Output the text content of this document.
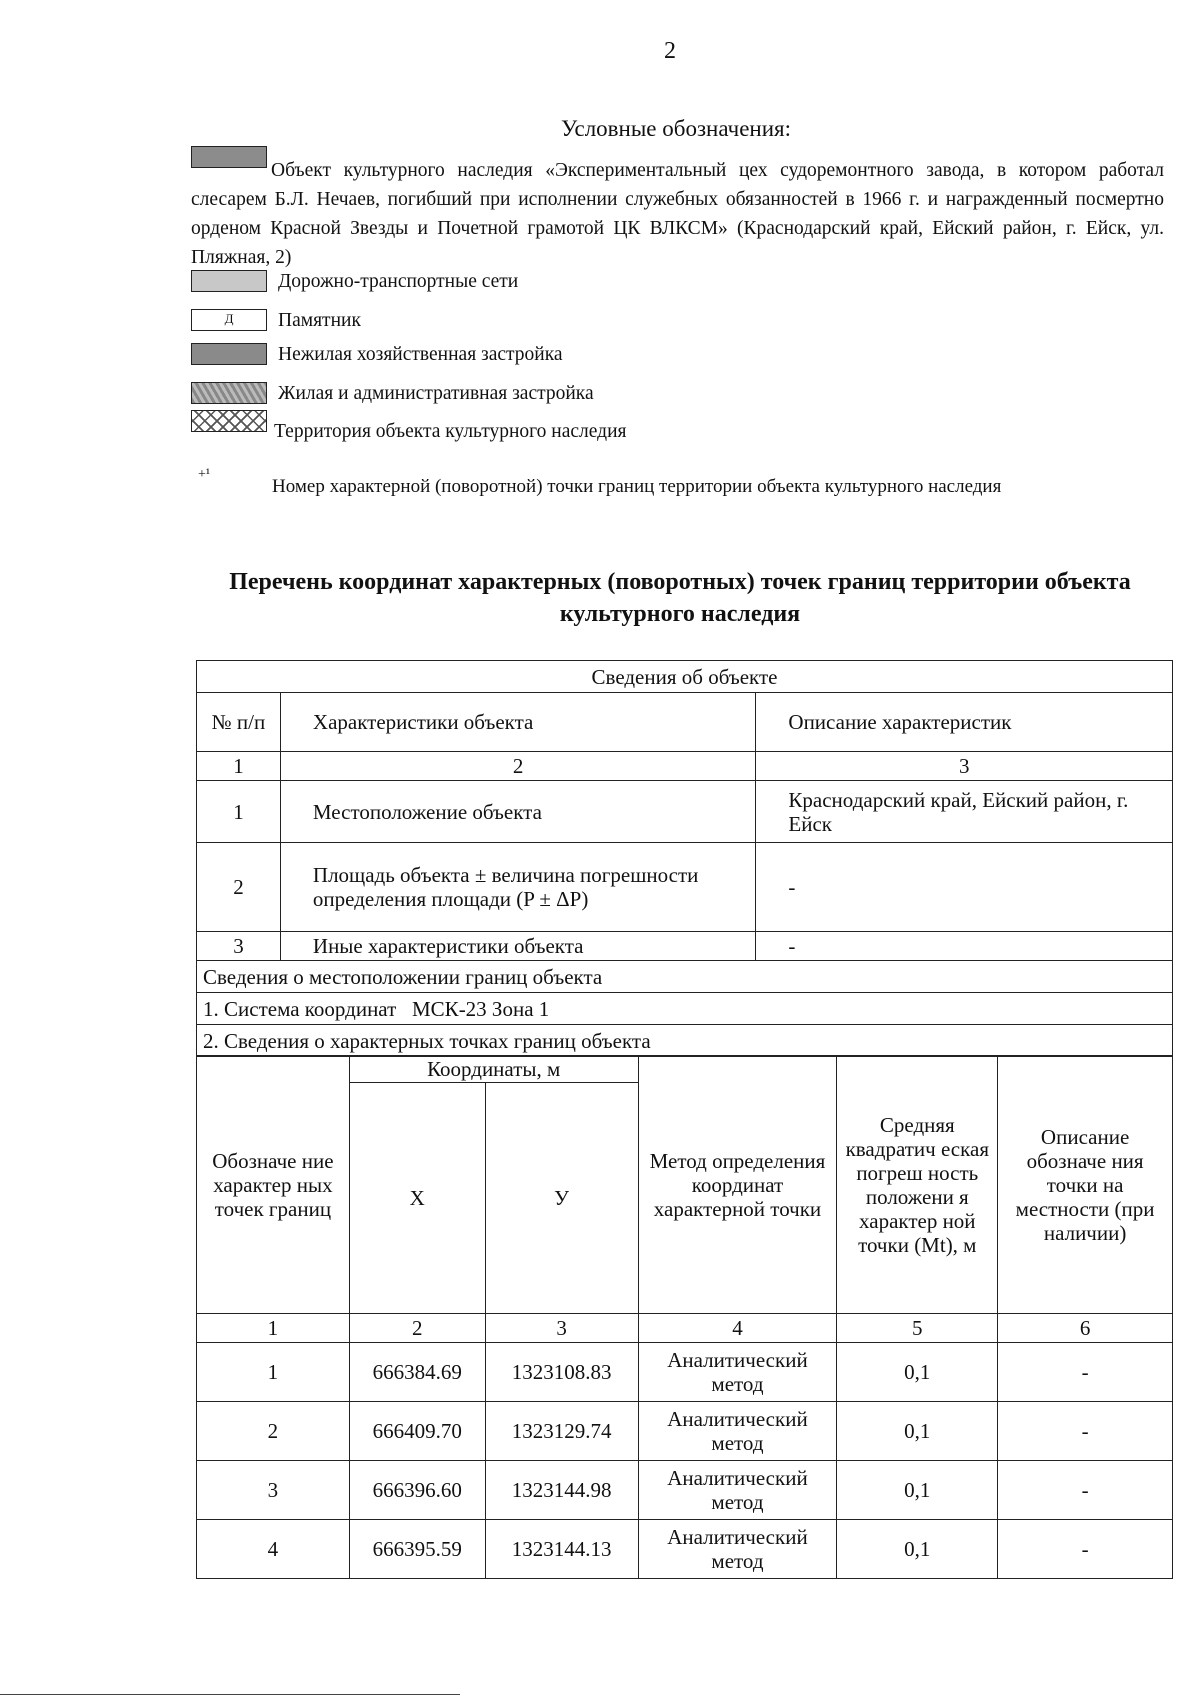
2
Условные обозначения:
Объект культурного наследия «Экспериментальный цех судоремонтного завода, в котором работал слесарем Б.Л. Нечаев, погибший при исполнении служебных обязанностей в 1966 г. и награжденный посмертно орденом Красной Звезды и Почетной грамотой ЦК ВЛКСМ» (Краснодарский край, Ейский район, г. Ейск, ул. Пляжная, 2)
Дорожно-транспортные сети
Д	Памятник
Нежилая хозяйственная застройка
Жилая и административная застройка
Территория объекта культурного наследия
+¹
Номер характерной (поворотной) точки границ территории объекта культурного наследия
Перечень координат характерных (поворотных) точек границ территории объекта культурного наследия
Сведения об объекте		
№ п/п	Характеристики объекта	Описание характеристик
1	2	3
1	Местоположение объекта	Краснодарский край, Ейский район, г. Ейск
2	Площадь объекта ± величина погрешности определения площади (P ± ΔP)	-
3	Иные характеристики объекта	-
Сведения о местоположении границ объекта		
1. Система координат   МСК-23 Зона 1		
2. Сведения о характерных точках границ объекта		
Обозначе ние характер ных точек границ	Координаты, м		Метод определения координат характерной точки	Средняя квадратич еская погреш ность положени я характер ной точки (Mt), м	Описание обозначе ния точки на местности (при наличии)
	X	У			
1	2	3	4	5	6
1	666384.69	1323108.83	Аналитический метод	0,1	-
2	666409.70	1323129.74	Аналитический метод	0,1	-
3	666396.60	1323144.98	Аналитический метод	0,1	-
4	666395.59	1323144.13	Аналитический метод	0,1	-
